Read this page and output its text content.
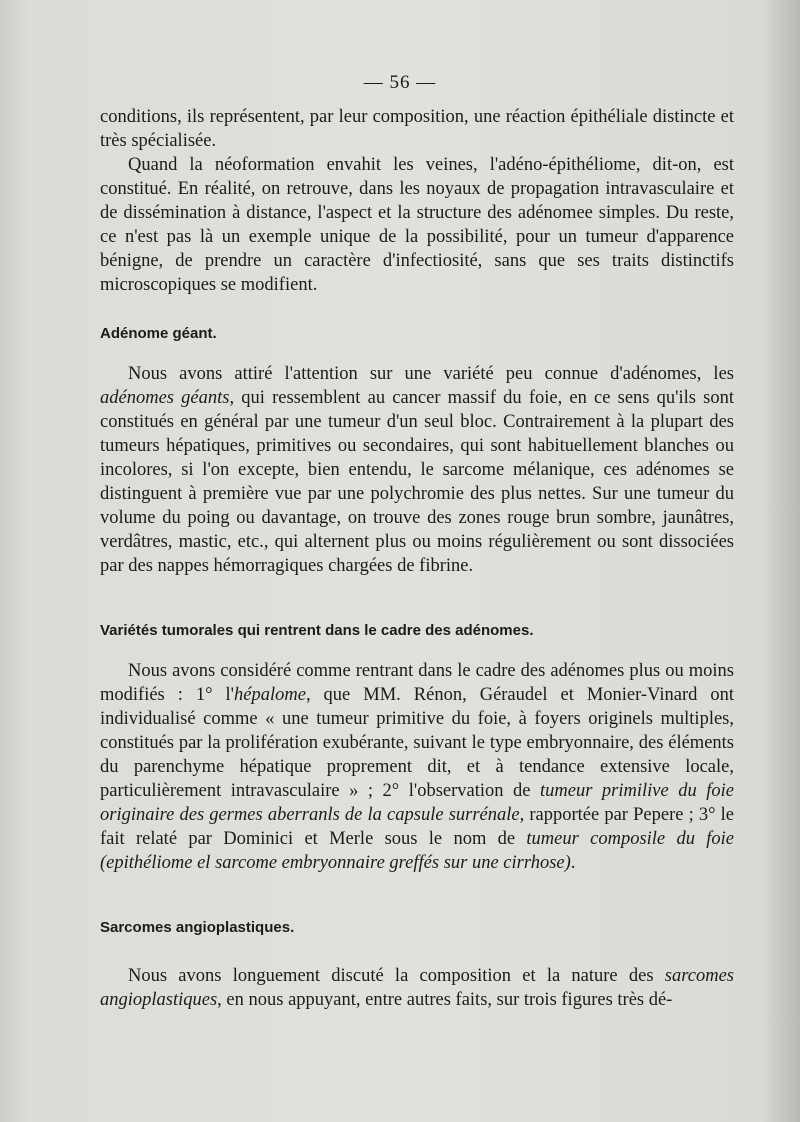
— 56 —

conditions, ils représentent, par leur composition, une réaction épithéliale distincte et très spécialisée.

Quand la néoformation envahit les veines, l'adéno-épithéliome, dit-on, est constitué. En réalité, on retrouve, dans les noyaux de propagation intravasculaire et de dissémination à distance, l'aspect et la structure des adénomee simples. Du reste, ce n'est pas là un exemple unique de la possibilité, pour un tumeur d'apparence bénigne, de prendre un caractère d'infectiosité, sans que ses traits distinctifs microscopiques se modifient.

Adénome géant.

Nous avons attiré l'attention sur une variété peu connue d'adénomes, les adénomes géants, qui ressemblent au cancer massif du foie, en ce sens qu'ils sont constitués en général par une tumeur d'un seul bloc. Contrairement à la plupart des tumeurs hépatiques, primitives ou secondaires, qui sont habituellement blanches ou incolores, si l'on excepte, bien entendu, le sarcome mélanique, ces adénomes se distinguent à première vue par une polychromie des plus nettes. Sur une tumeur du volume du poing ou davantage, on trouve des zones rouge brun sombre, jaunâtres, verdâtres, mastic, etc., qui alternent plus ou moins régulièrement ou sont dissociées par des nappes hémorragiques chargées de fibrine.

Variétés tumorales qui rentrent dans le cadre des adénomes.

Nous avons considéré comme rentrant dans le cadre des adénomes plus ou moins modifiés : 1° l'hépalome, que MM. Rénon, Géraudel et Monier-Vinard ont individualisé comme « une tumeur primitive du foie, à foyers originels multiples, constitués par la prolifération exubérante, suivant le type embryonnaire, des éléments du parenchyme hépatique proprement dit, et à tendance extensive locale, particulièrement intravasculaire » ; 2° l'observation de tumeur primilive du foie originaire des germes aberranls de la capsule surrénale, rapportée par Pepere ; 3° le fait relaté par Dominici et Merle sous le nom de tumeur composile du foie (epithéliome el sarcome embryonnaire greffés sur une cirrhose).

Sarcomes angioplastiques.

Nous avons longuement discuté la composition et la nature des sarcomes angioplastiques, en nous appuyant, entre autres faits, sur trois figures très dé-
